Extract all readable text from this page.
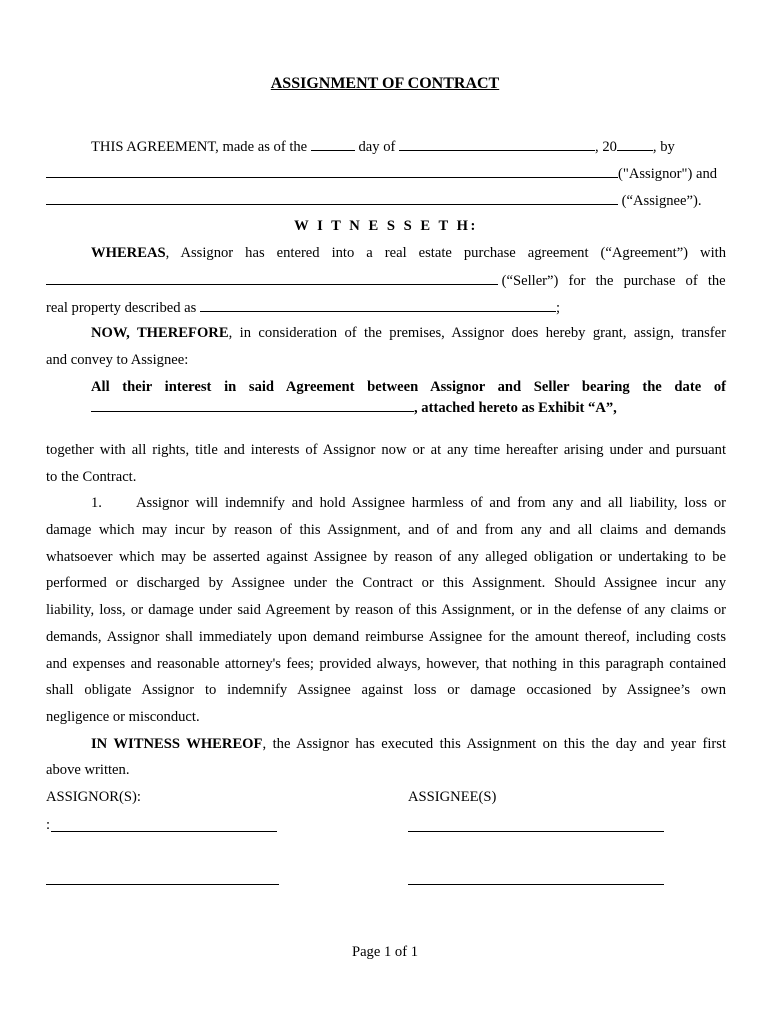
ASSIGNMENT OF CONTRACT
THIS AGREEMENT, made as of the	day of	, 20 , by
("Assignor") and
(“Assignee”).
W I T N E S S E T H:
WHEREAS, Assignor has entered into a real estate purchase agreement (“Agreement”) with
(“Seller”) for the purchase of the
real property described as	;
NOW, THEREFORE, in consideration of the premises, Assignor does hereby grant, assign, transfer
and convey to Assignee:
All their interest in said Agreement between Assignor and Seller bearing the date of
, attached hereto as Exhibit “A”,
together with all rights, title and interests of Assignor now or at any time hereafter arising under and pursuant
to the Contract.
1.	Assignor will indemnify and hold Assignee harmless of and from any and all liability, loss or
damage which may incur by reason of this Assignment, and of and from any and all claims and demands
whatsoever which may be asserted against Assignee by reason of any alleged obligation or undertaking to be
performed or discharged by Assignee under the Contract or this Assignment. Should Assignee incur any
liability, loss, or damage under said Agreement by reason of this Assignment, or in the defense of any claims or
demands, Assignor shall immediately upon demand reimburse Assignee for the amount thereof, including costs
and expenses and reasonable attorney's fees; provided always, however, that nothing in this paragraph contained
shall obligate Assignor to indemnify Assignee against loss or damage occasioned by Assignee’s own
negligence or misconduct.
IN WITNESS WHEREOF, the Assignor has executed this Assignment on this the day and year first
above written.
ASSIGNOR(S):	ASSIGNEE(S)
:
Page 1 of 1
